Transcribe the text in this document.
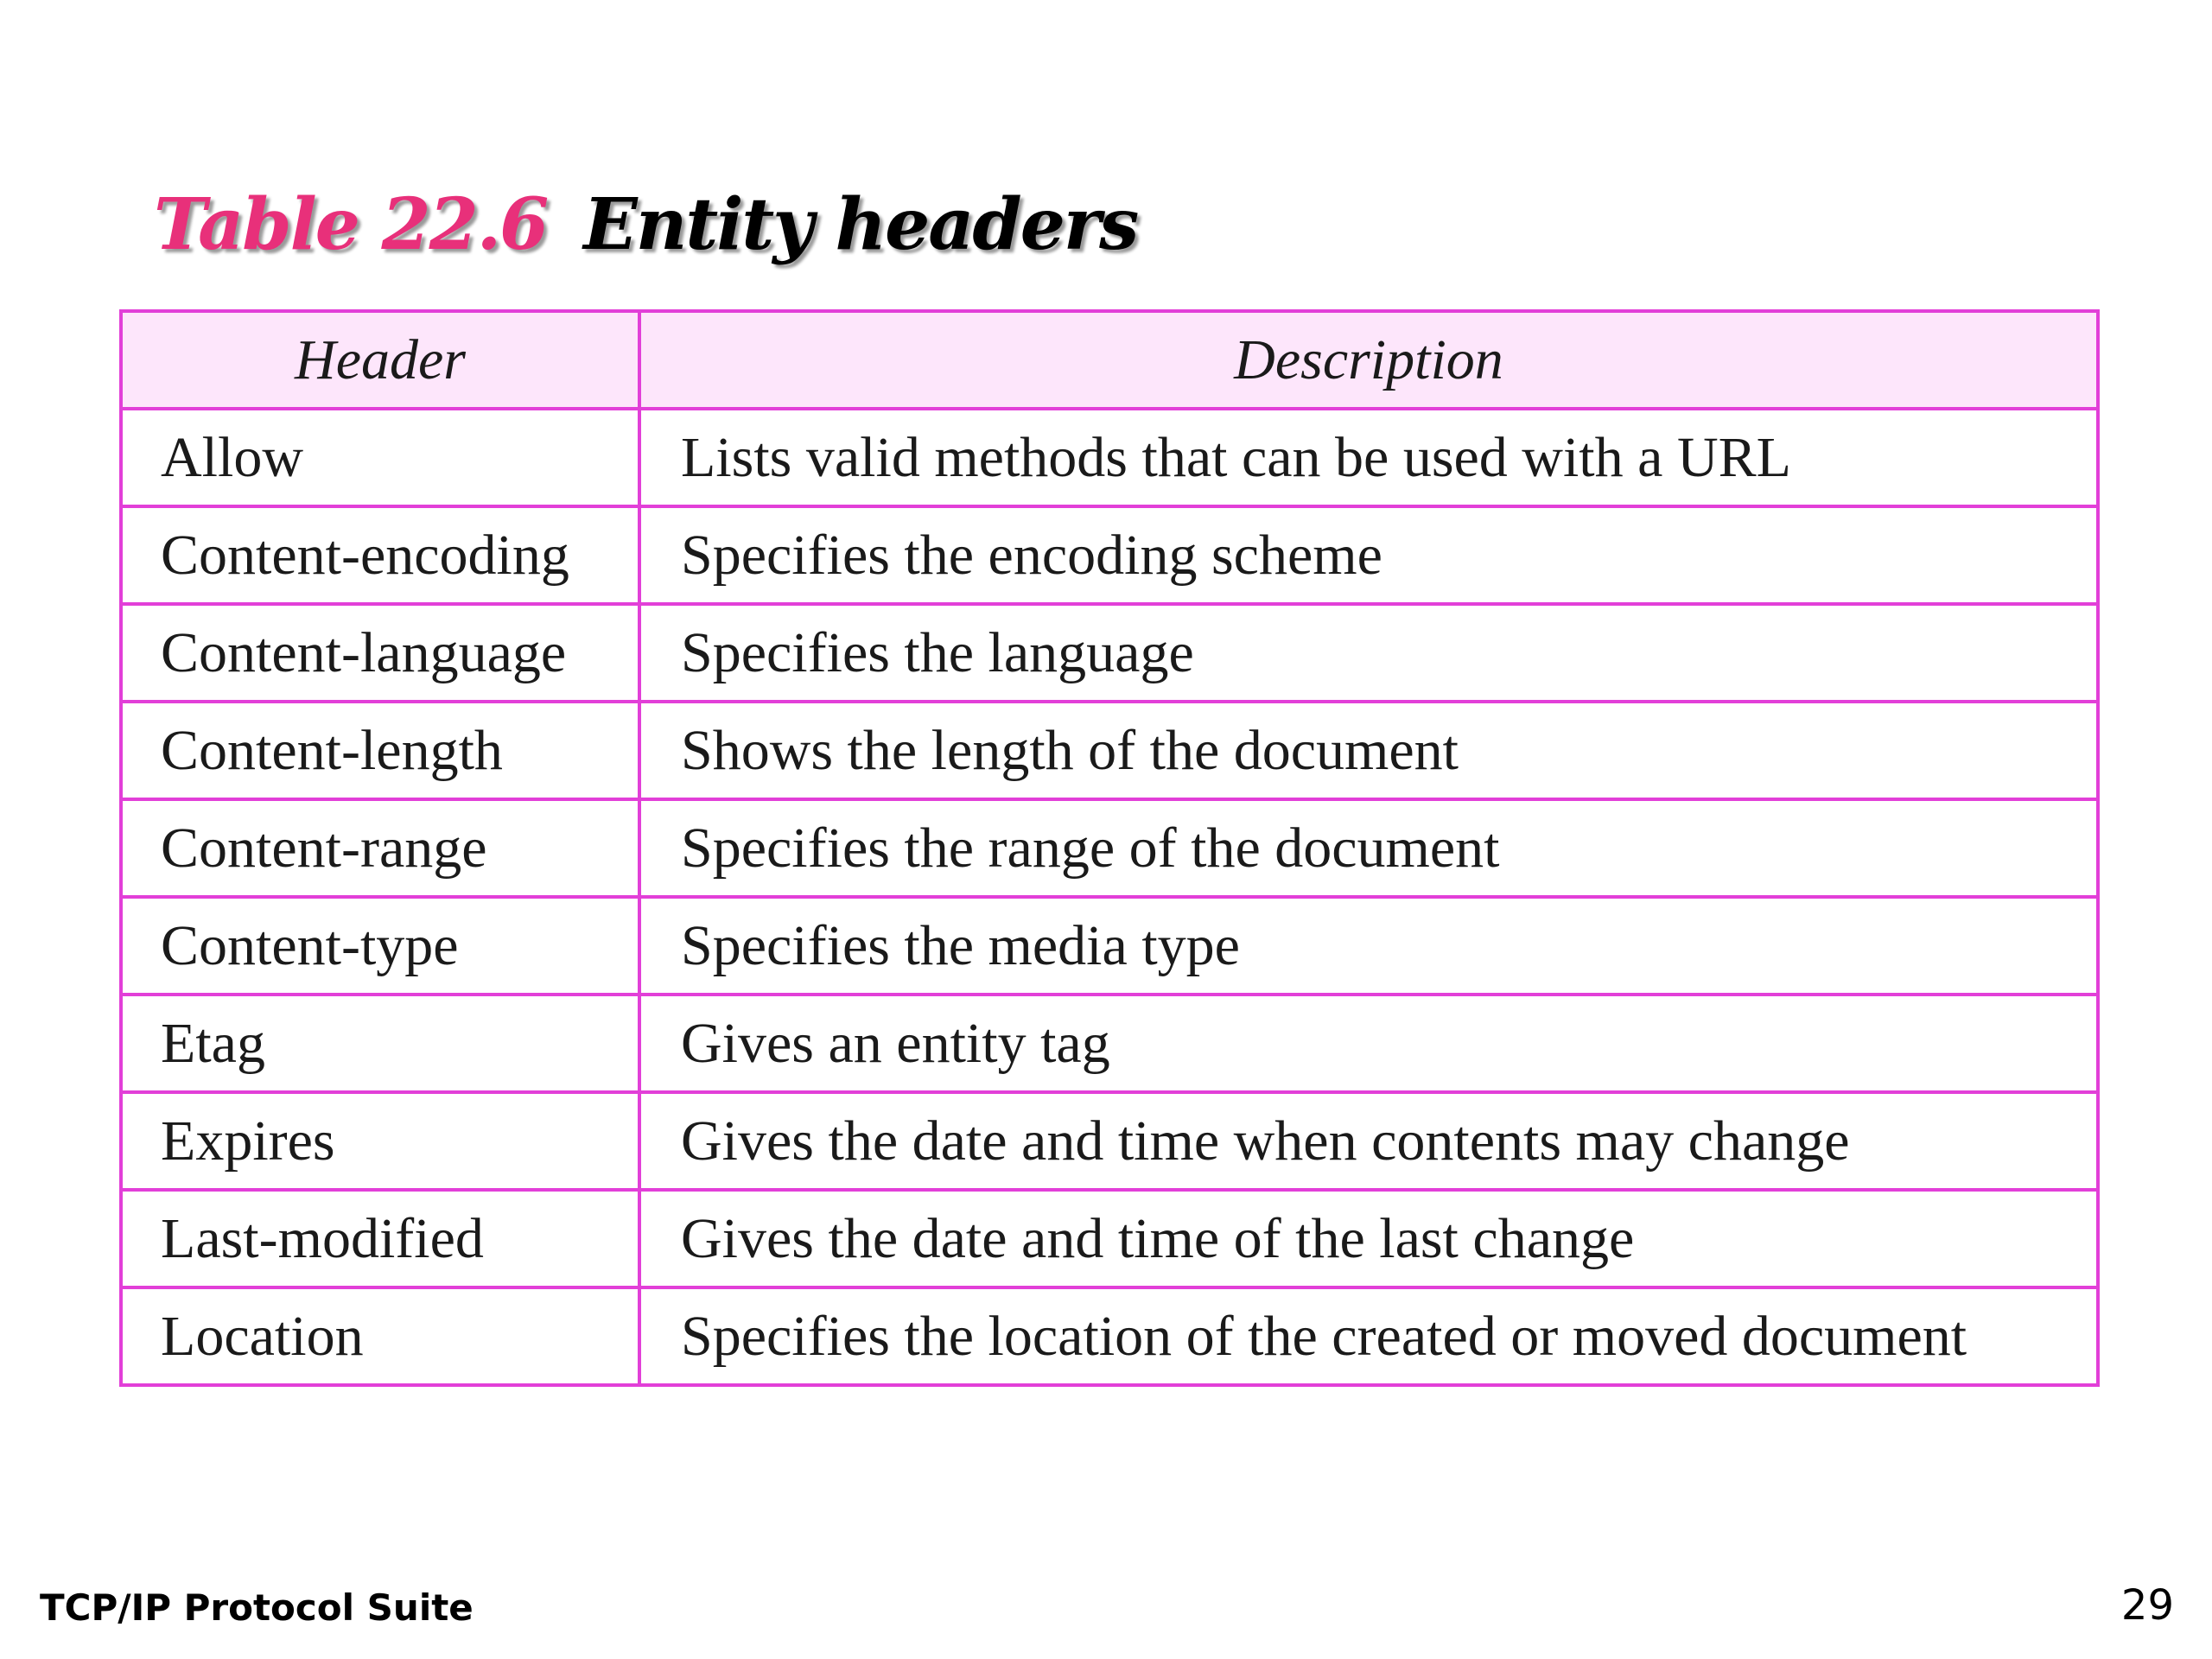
Table 22.6 Entity headers
Header	Description
Allow	Lists valid methods that can be used with a URL
Content-encoding	Specifies the encoding scheme
Content-language	Specifies the language
Content-length	Shows the length of the document
Content-range	Specifies the range of the document
Content-type	Specifies the media type
Etag	Gives an entity tag
Expires	Gives the date and time when contents may change
Last-modified	Gives the date and time of the last change
Location	Specifies the location of the created or moved document
TCP/IP Protocol Suite	29
